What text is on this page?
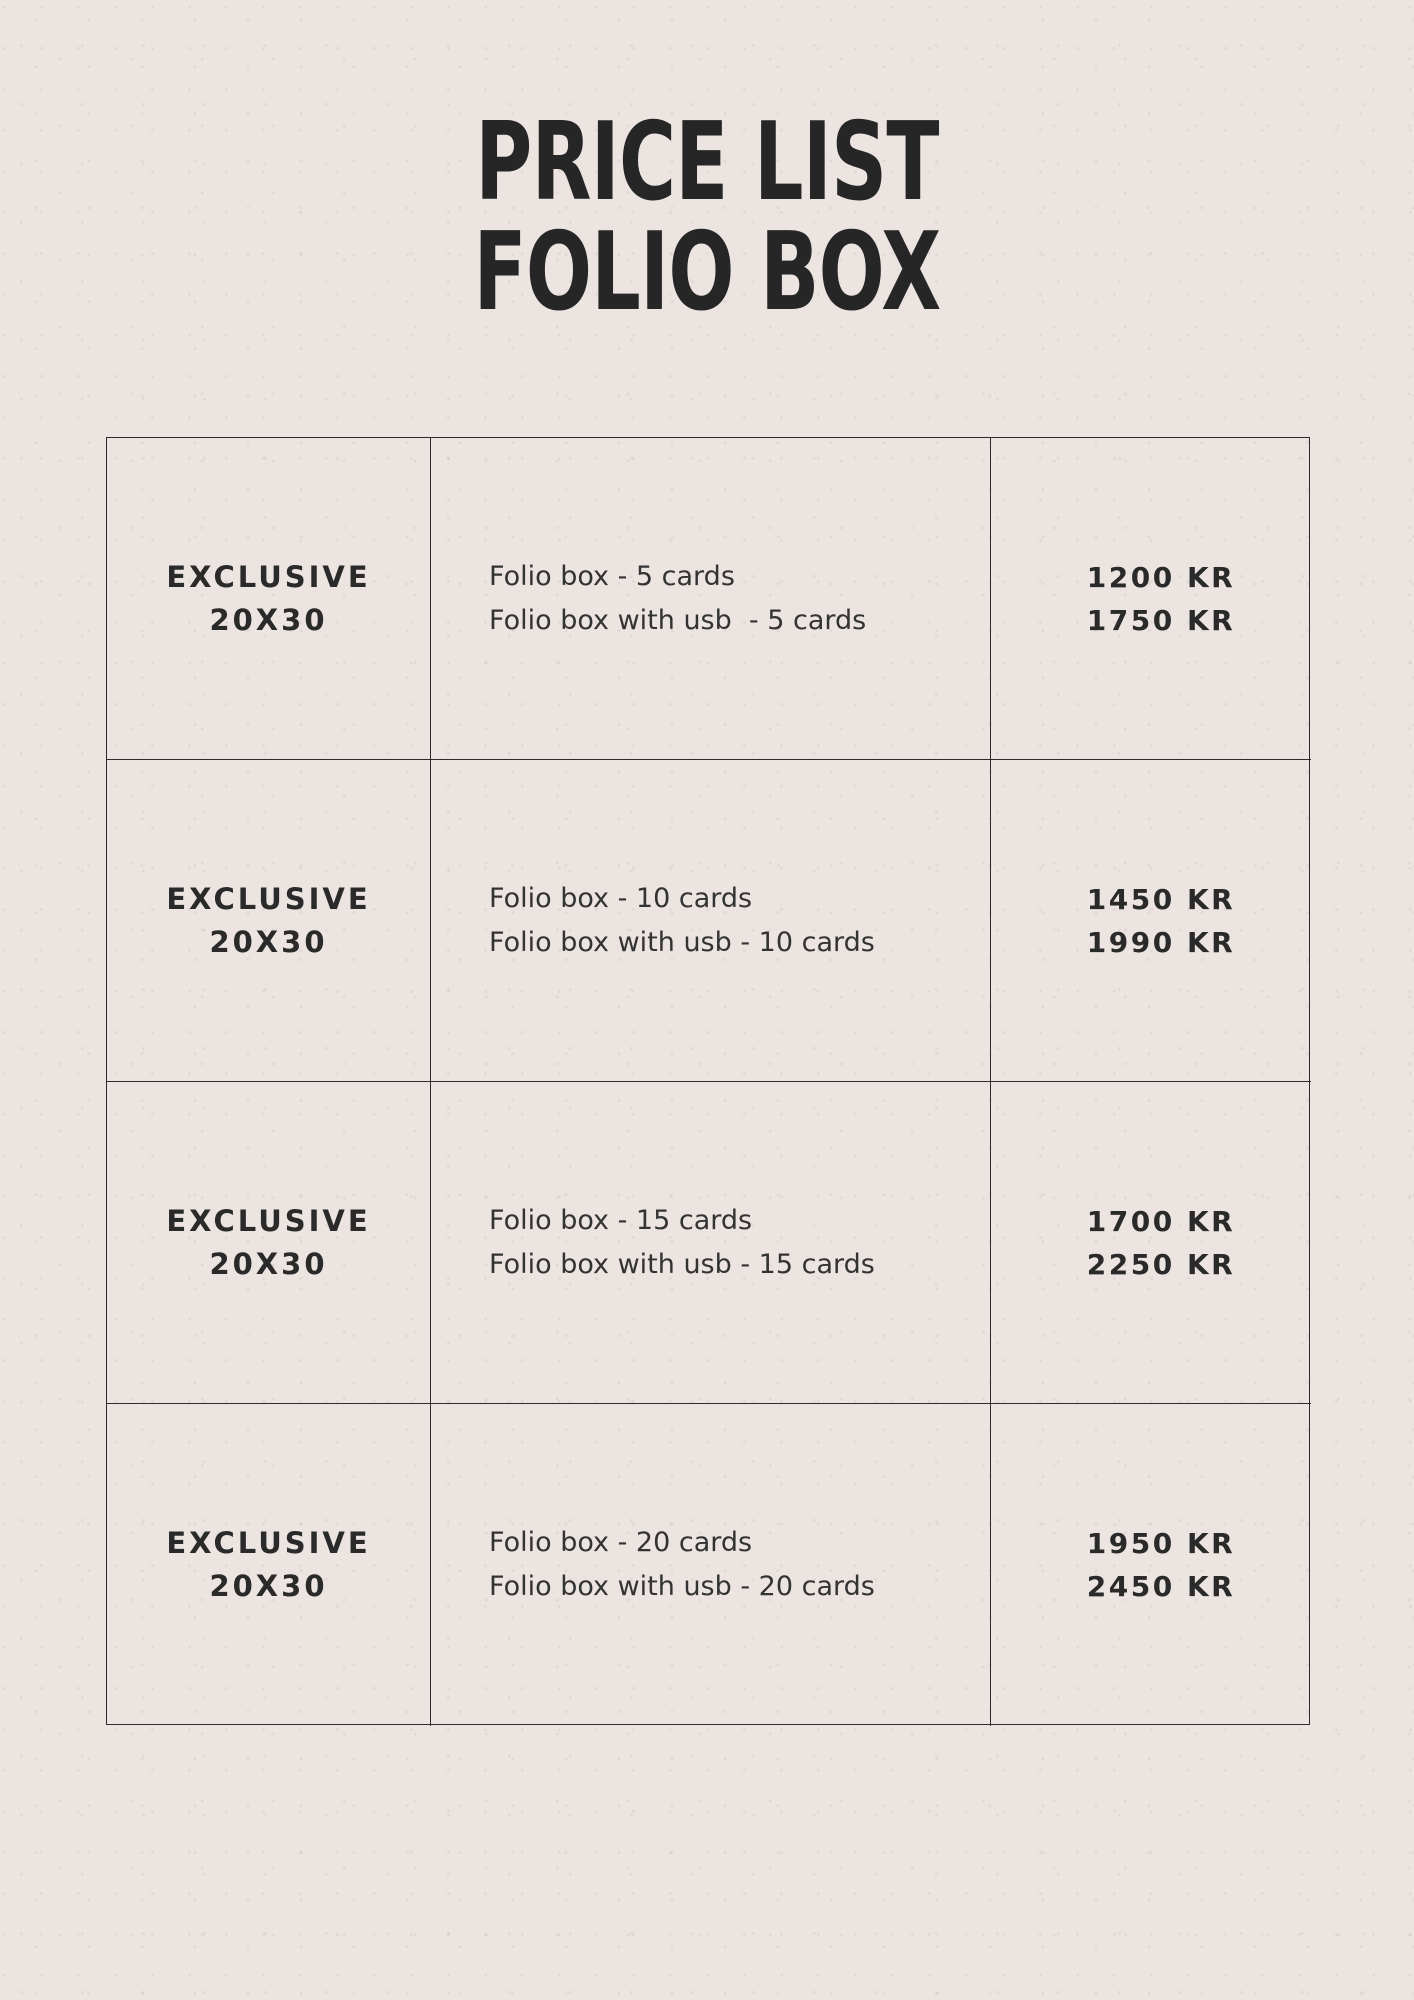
PRICE LIST
FOLIO BOX
EXCLUSIVE
20X30
Folio box - 5 cards
Folio box with usb  - 5 cards
1200 KR
1750 KR
EXCLUSIVE
20X30
Folio box - 10 cards
Folio box with usb - 10 cards
1450 KR
1990 KR
EXCLUSIVE
20X30
Folio box - 15 cards
Folio box with usb - 15 cards
1700 KR
2250 KR
EXCLUSIVE
20X30
Folio box - 20 cards
Folio box with usb - 20 cards
1950 KR
2450 KR
